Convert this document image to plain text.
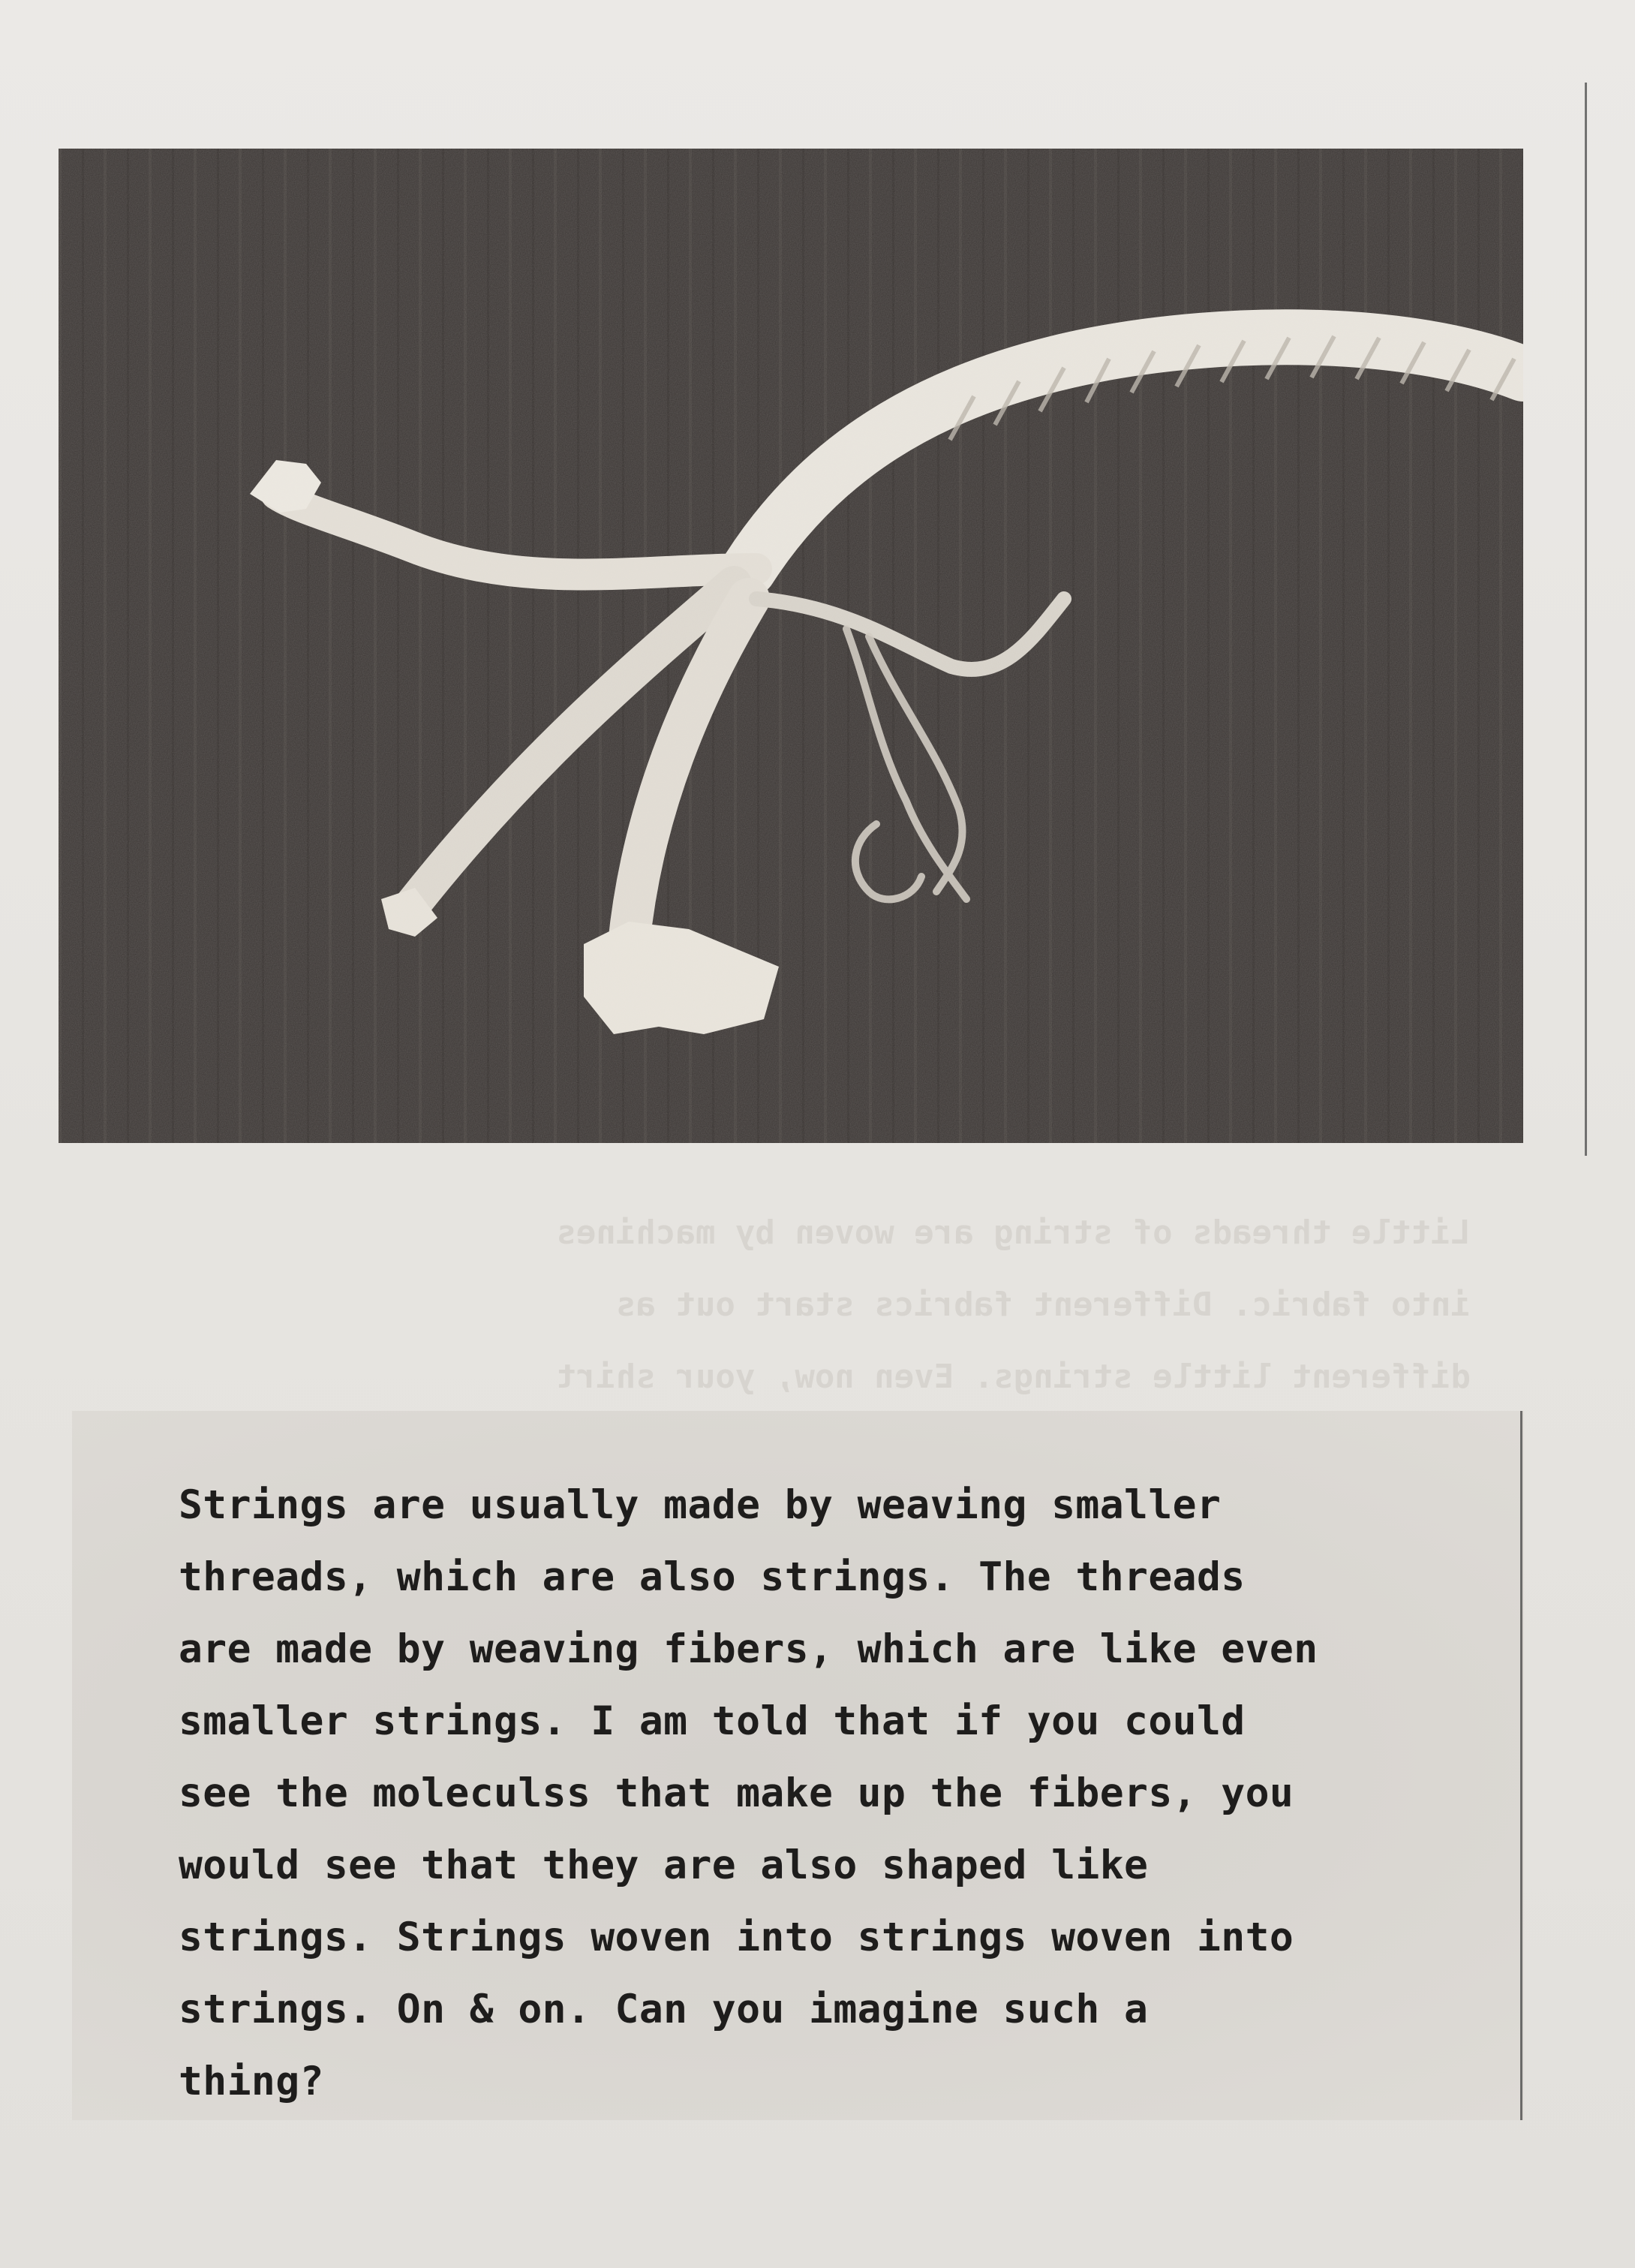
Little threads of string are woven by machines
into fabric. Different fabrics start out as
different little strings. Even now, your shirt

Strings are usually made by weaving smaller
threads, which are also strings. The threads
are made by weaving fibers, which are like even
smaller strings. I am told that if you could
see the moleculss that make up the fibers, you
would see that they are also shaped like
strings. Strings woven into strings woven into
strings. On & on. Can you imagine such a
thing?
